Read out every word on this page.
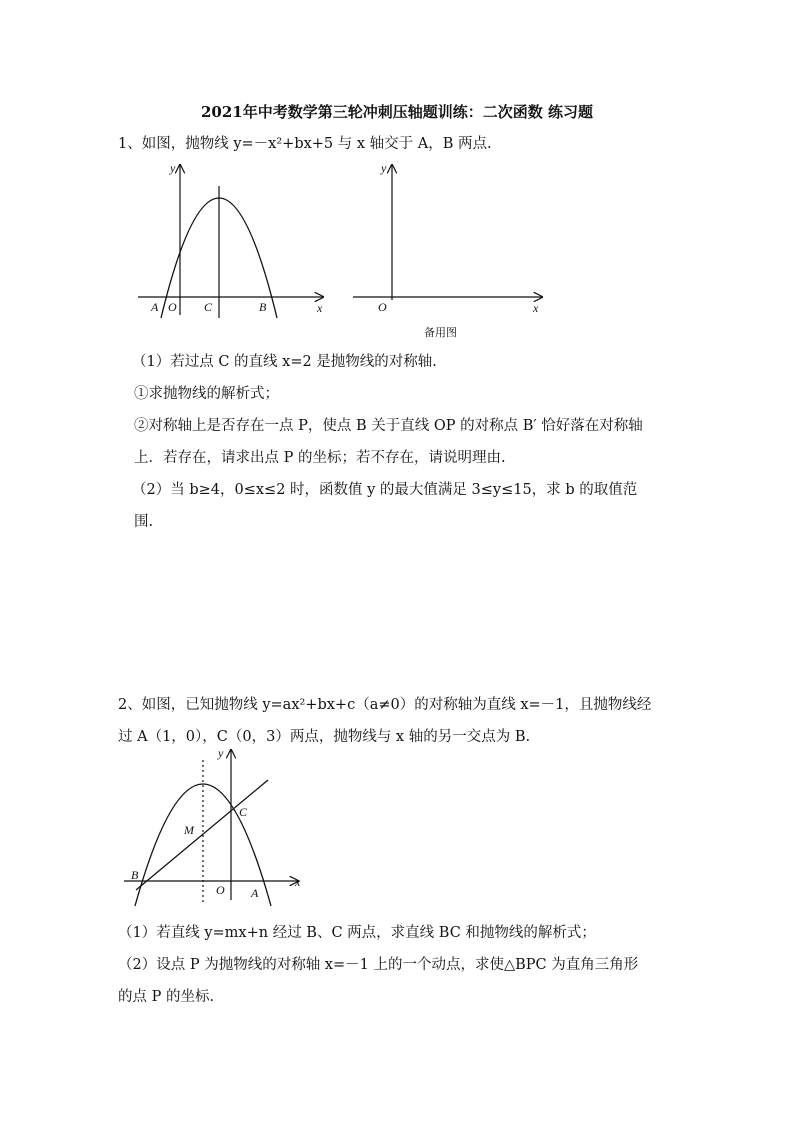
2021年中考数学第三轮冲刺压轴题训练：二次函数 练习题
1、如图，抛物线 y=－x²+bx+5 与 x 轴交于 A，B 两点.
y
x
A O C	B
y
x
O
备用图
（1）若过点 C 的直线 x=2 是抛物线的对称轴.
①求抛物线的解析式；
②对称轴上是否存在一点 P，使点 B 关于直线 OP 的对称点 B′ 恰好落在对称轴
上．若存在，请求出点 P 的坐标；若不存在，请说明理由.
（2）当 b≥4，0≤x≤2 时，函数值 y 的最大值满足 3≤y≤15，求 b 的取值范
围.
2、如图，已知抛物线 y=ax²+bx+c（a≠0）的对称轴为直线 x=－1，且抛物线经
过 A（1，0），C（0，3）两点，抛物线与 x 轴的另一交点为 B.
y
x
B
O A
C
M
（1）若直线 y=mx+n 经过 B、C 两点，求直线 BC 和抛物线的解析式；
（2）设点 P 为抛物线的对称轴 x=－1 上的一个动点，求使△BPC 为直角三角形
的点 P 的坐标.
